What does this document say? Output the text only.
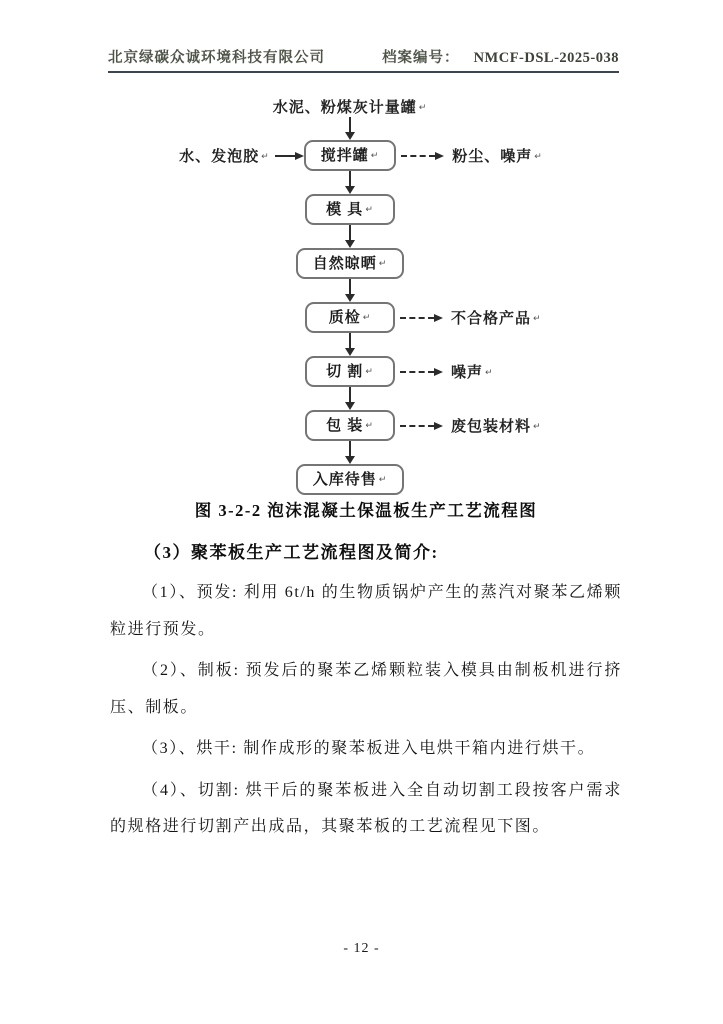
北京绿碳众诚环境科技有限公司	档案编号： NMCF-DSL-2025-038
水泥、粉煤灰计量罐 ↵
水、发泡胶 ↵	搅拌罐 ↵	粉尘、噪声 ↵
模 具 ↵
自然晾晒 ↵
质检 ↵	不合格产品 ↵
切 割 ↵	噪声 ↵
包 装 ↵	废包装材料 ↵
入库待售 ↵
图 3-2-2 泡沫混凝土保温板生产工艺流程图
（3）聚苯板生产工艺流程图及简介:

（1）、预发: 利用 6t/h 的生物质锅炉产生的蒸汽对聚苯乙烯颗粒进行预发。

（2）、制板: 预发后的聚苯乙烯颗粒装入模具由制板机进行挤压、制板。

（3）、烘干: 制作成形的聚苯板进入电烘干箱内进行烘干。

（4）、切割: 烘干后的聚苯板进入全自动切割工段按客户需求的规格进行切割产出成品，其聚苯板的工艺流程见下图。

- 12 -
